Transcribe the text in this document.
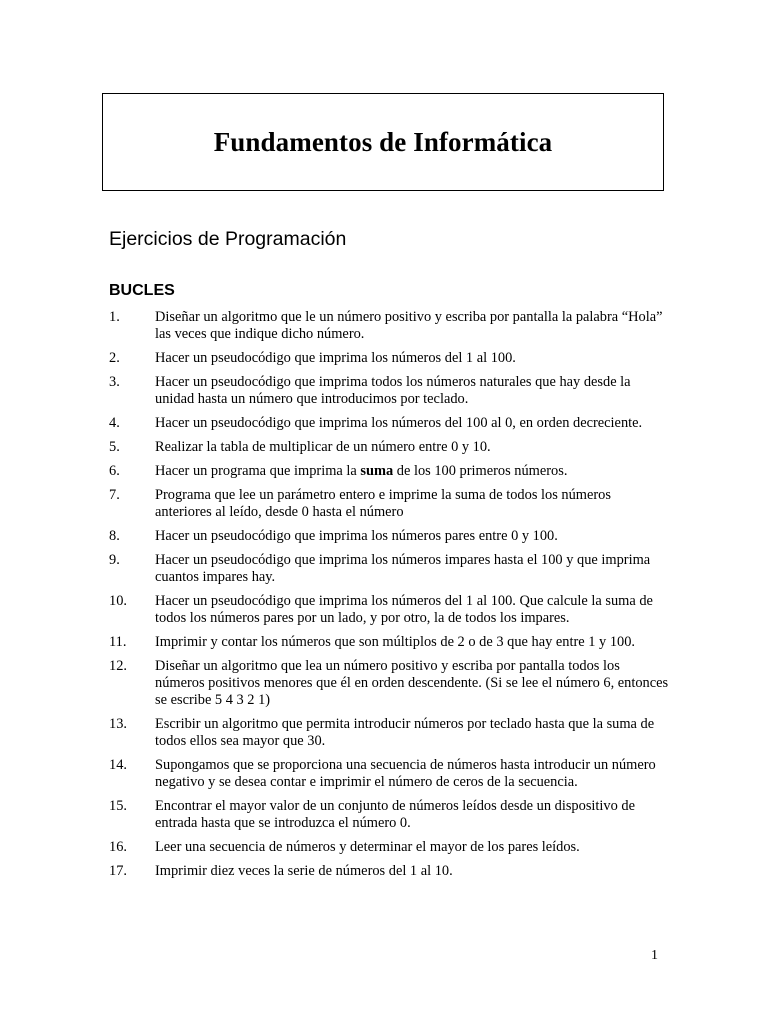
Fundamentos de Informática
Ejercicios de Programación
BUCLES
1.	Diseñar un algoritmo que le un número positivo y escriba por pantalla la palabra “Hola” las veces que indique dicho número.
2.	Hacer un pseudocódigo que imprima los números del 1 al 100.
3.	Hacer un pseudocódigo que imprima todos los números naturales que hay desde la unidad hasta un número que introducimos por teclado.
4.	Hacer un pseudocódigo que imprima los números del 100 al 0, en orden decreciente.
5.	Realizar la tabla de multiplicar de un número entre 0 y 10.
6.	Hacer un programa que imprima la suma de los 100 primeros números.
7.	Programa que lee un parámetro entero e imprime la suma de todos los números anteriores al leído, desde 0 hasta el número
8.	Hacer un pseudocódigo que imprima los números pares entre 0 y 100.
9.	Hacer un pseudocódigo que imprima los números impares hasta el 100 y que imprima cuantos impares hay.
10.	Hacer un pseudocódigo que imprima los números del 1 al 100. Que calcule la suma de todos los números pares por un lado, y por otro, la de todos los impares.
11.	Imprimir y contar los números que son múltiplos de 2 o de 3 que hay entre 1 y 100.
12.	Diseñar un algoritmo que lea un número positivo y escriba por pantalla todos los números positivos menores que él en orden descendente. (Si se lee el número 6, entonces se escribe 5 4 3 2 1)
13.	Escribir un algoritmo que permita introducir números por teclado hasta que la suma de todos ellos sea mayor que 30.
14.	Supongamos que se proporciona una secuencia de números hasta introducir un número negativo y se desea contar e imprimir el número de ceros de la secuencia.
15.	Encontrar el mayor valor de un conjunto de números leídos desde un dispositivo de entrada hasta que se introduzca el número 0.
16.	Leer una secuencia de números y determinar el mayor de los pares leídos.
17.	Imprimir diez veces la serie de números del 1 al 10.
1
